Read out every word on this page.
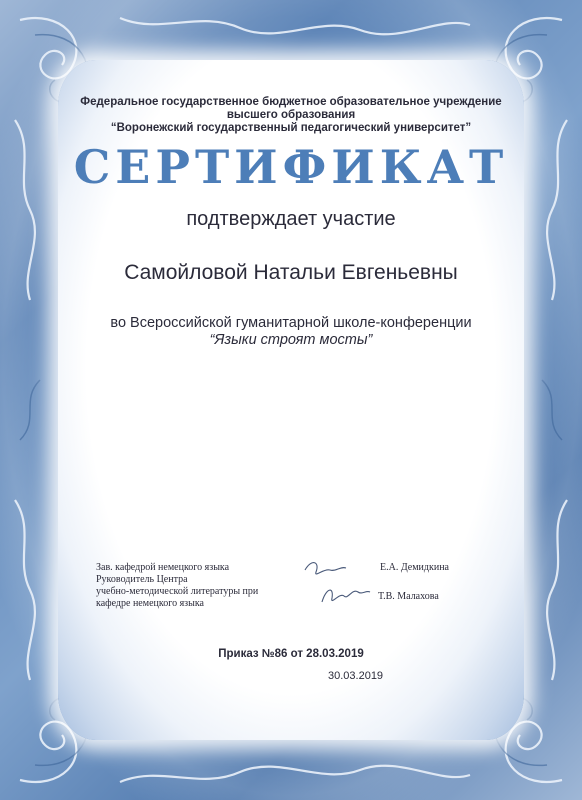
Федеральное государственное бюджетное образовательное учреждение
высшего образования
“Воронежский государственный педагогический университет”
СЕРТИФИКАТ
подтверждает участие
Самойловой Натальи Евгеньевны
во Всероссийской гуманитарной школе-конференции
“Языки строят мосты”
Зав. кафедрой немецкого языка
Руководитель Центра
учебно-методической литературы при
кафедре немецкого языка
Е.А. Демидкина
Т.В. Малахова
Приказ №86 от 28.03.2019
30.03.2019
